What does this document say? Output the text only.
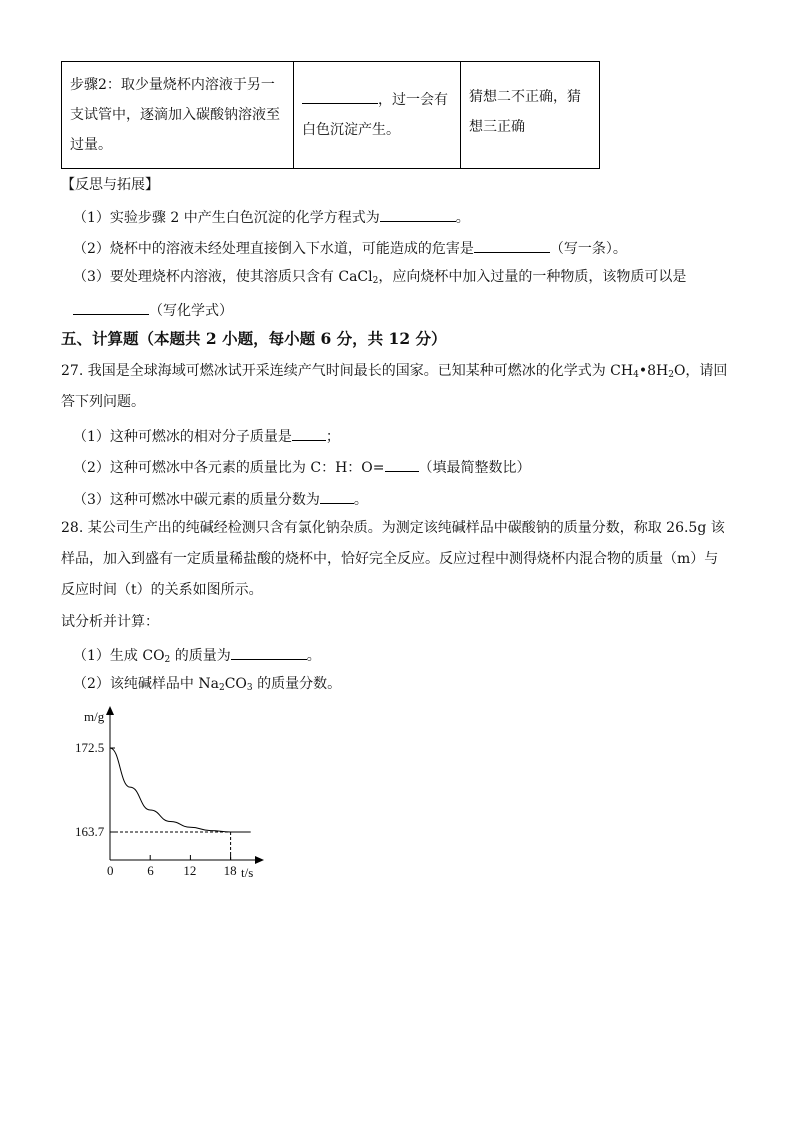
步骤2：取少量烧杯内溶液于另一支试管中，逐滴加入碳酸钠溶液至过量。	，过一会有白色沉淀产生。	猜想二不正确，猜想三正确
【反思与拓展】
（1）实验步骤 2 中产生白色沉淀的化学方程式为	。
（2）烧杯中的溶液未经处理直接倒入下水道，可能造成的危害是	（写一条）。
（3）要处理烧杯内溶液，使其溶质只含有 CaCl$_2$，应向烧杯中加入过量的一种物质，该物质可以是
（写化学式）
五、计算题（本题共 2 小题，每小题 6 分，共 12 分）
27. 我国是全球海域可燃冰试开采连续产气时间最长的国家。已知某种可燃冰的化学式为 $CH_4•8H_2O$，请回
答下列问题。
（1）这种可燃冰的相对分子质量是 ；
（2）这种可燃冰中各元素的质量比为 C：H：O= （填最简整数比）
（3）这种可燃冰中碳元素的质量分数为 。
28. 某公司生产出的纯碱经检测只含有氯化钠杂质。为测定该纯碱样品中碳酸钠的质量分数，称取 26.5g 该
样品，加入到盛有一定质量稀盐酸的烧杯中，恰好完全反应。反应过程中测得烧杯内混合物的质量（m）与
反应时间（t）的关系如图所示。
试分析并计算：
（1）生成 $CO_2$ 的质量为	。
（2）该纯碱样品中 $Na_2CO_3$ 的质量分数。
m/g
t/s
172.5
163.7
0	6 12 18
